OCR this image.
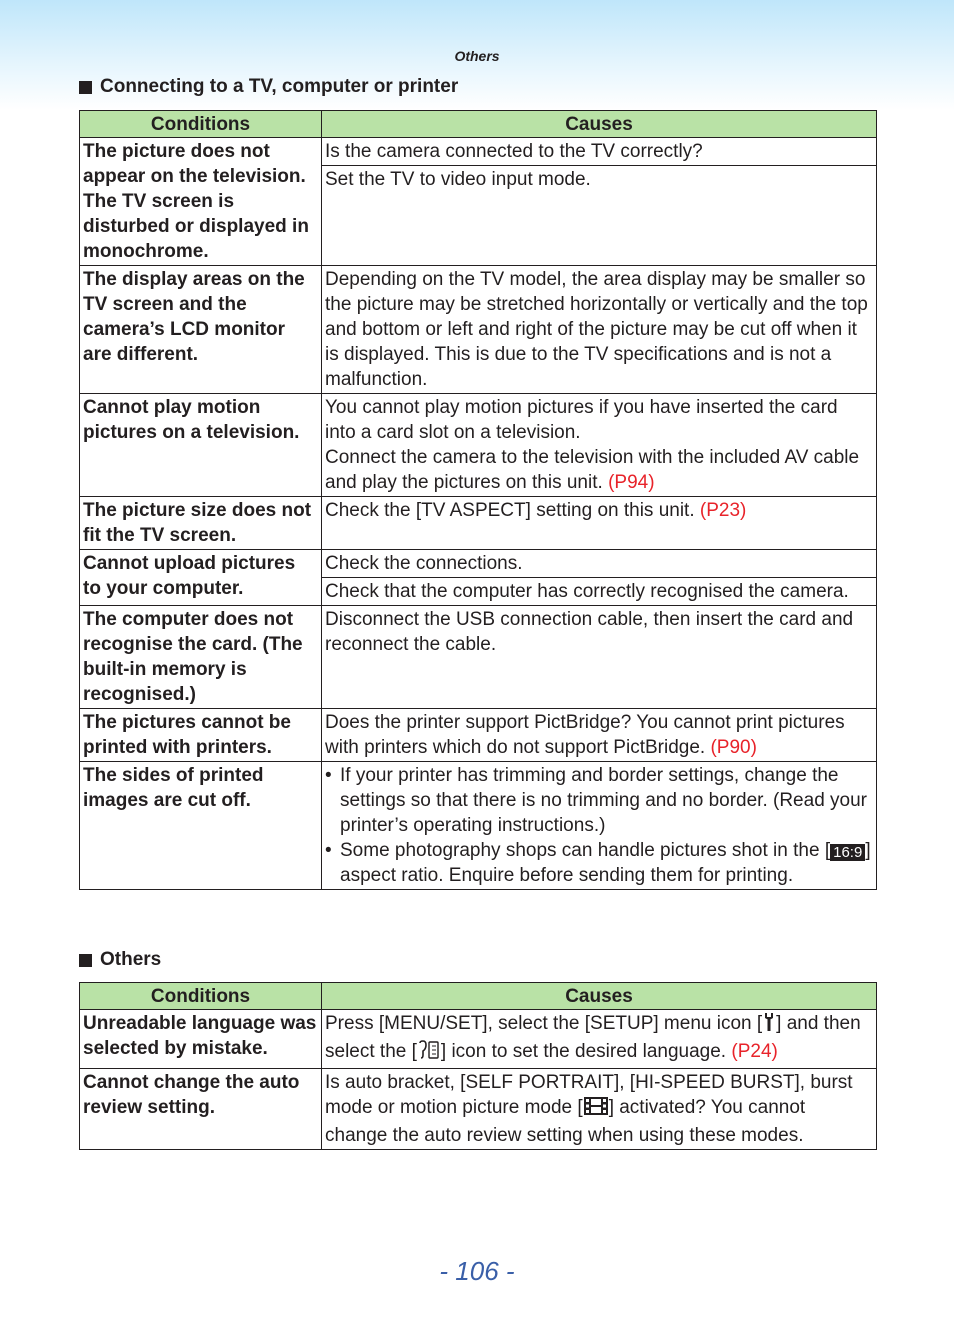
Others
Connecting to a TV, computer or printer
Conditions	Causes
The picture does not appear on the television. The TV screen is disturbed or displayed in monochrome.	Is the camera connected to the TV correctly?
	Set the TV to video input mode.
The display areas on the TV screen and the camera’s LCD monitor are different.	Depending on the TV model, the area display may be smaller so the picture may be stretched horizontally or vertically and the top and bottom or left and right of the picture may be cut off when it is displayed. This is due to the TV specifications and is not a malfunction.
Cannot play motion pictures on a television.	You cannot play motion pictures if you have inserted the card into a card slot on a television.
Connect the camera to the television with the included AV cable and play the pictures on this unit. (P94)

The picture size does not fit the TV screen.	Check the [TV ASPECT] setting on this unit. (P23)
Cannot upload pictures to your computer.	Check the connections.
	Check that the computer has correctly recognised the camera.
The computer does not recognise the card. (The built-in memory is recognised.)	Disconnect the USB connection cable, then insert the card and reconnect the cable.
The pictures cannot be printed with printers.	Does the printer support PictBridge? You cannot print pictures with printers which do not support PictBridge. (P90)
The sides of printed images are cut off.	• If your printer has trimming and border settings, change the settings so that there is no trimming and no border. (Read your printer’s operating instructions.)
• Some photography shops can handle pictures shot in the [ 16:9 ] aspect ratio. Enquire before sending them for printing.
Others
Conditions	Causes
Unreadable language was selected by mistake.	Press [MENU/SET], select the [SETUP] menu icon [ ] and then select the [ ] icon to set the desired language. (P24)
Cannot change the auto review setting.	Is auto bracket, [SELF PORTRAIT], [HI-SPEED BURST], burst mode or motion picture mode [ ] activated? You cannot change the auto review setting when using these modes.
- 106 -
